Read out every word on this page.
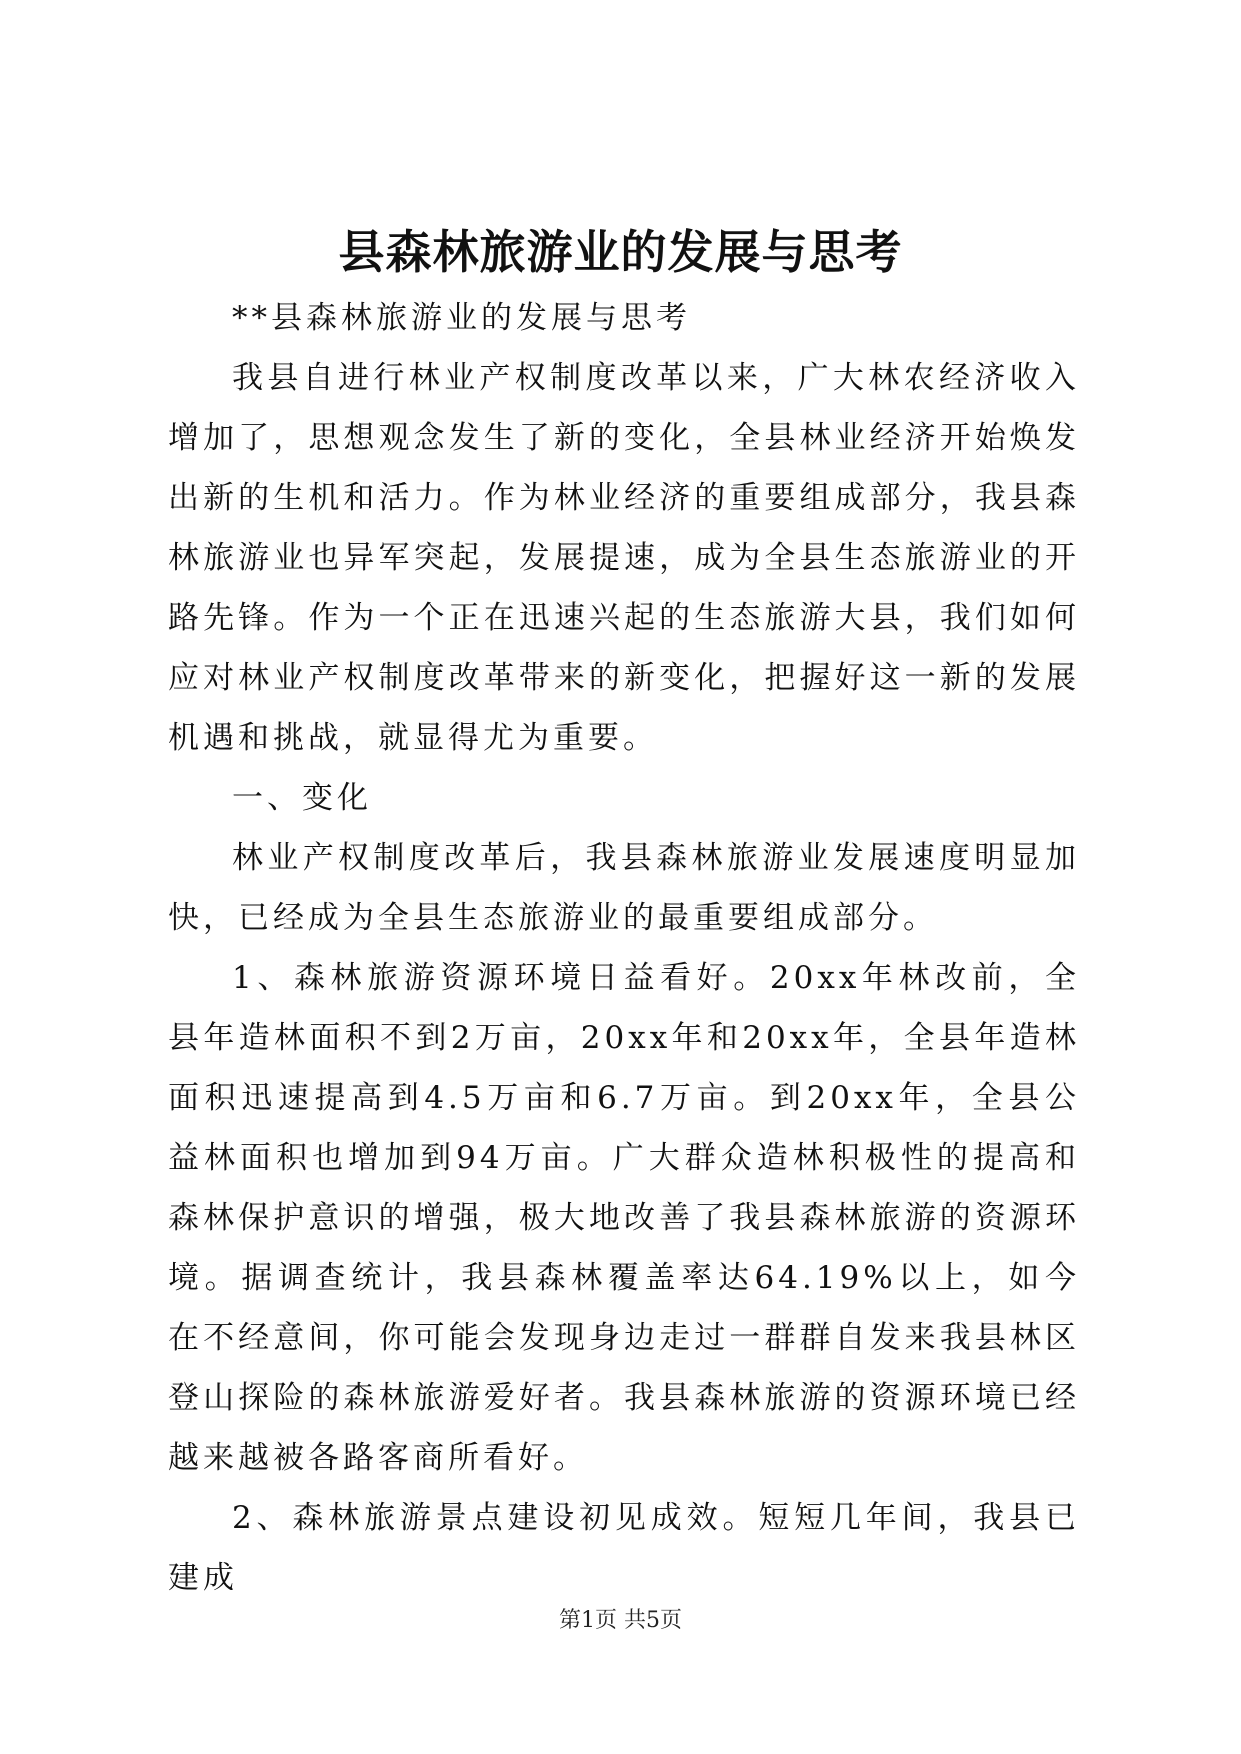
县森林旅游业的发展与思考

**县森林旅游业的发展与思考

我县自进行林业产权制度改革以来，广大林农经济收入增加了，思想观念发生了新的变化，全县林业经济开始焕发出新的生机和活力。作为林业经济的重要组成部分，我县森林旅游业也异军突起，发展提速，成为全县生态旅游业的开路先锋。作为一个正在迅速兴起的生态旅游大县，我们如何应对林业产权制度改革带来的新变化，把握好这一新的发展机遇和挑战，就显得尤为重要。

一、变化

林业产权制度改革后，我县森林旅游业发展速度明显加快，已经成为全县生态旅游业的最重要组成部分。

1、森林旅游资源环境日益看好。20xx年林改前，全县年造林面积不到2万亩，20xx年和20xx年，全县年造林面积迅速提高到4.5万亩和6.7万亩。到20xx年，全县公益林面积也增加到94万亩。广大群众造林积极性的提高和森林保护意识的增强，极大地改善了我县森林旅游的资源环境。据调查统计，我县森林覆盖率达64.19%以上，如今在不经意间，你可能会发现身边走过一群群自发来我县林区登山探险的森林旅游爱好者。我县森林旅游的资源环境已经越来越被各路客商所看好。

2、森林旅游景点建设初见成效。短短几年间，我县已建成

第1页 共5页
